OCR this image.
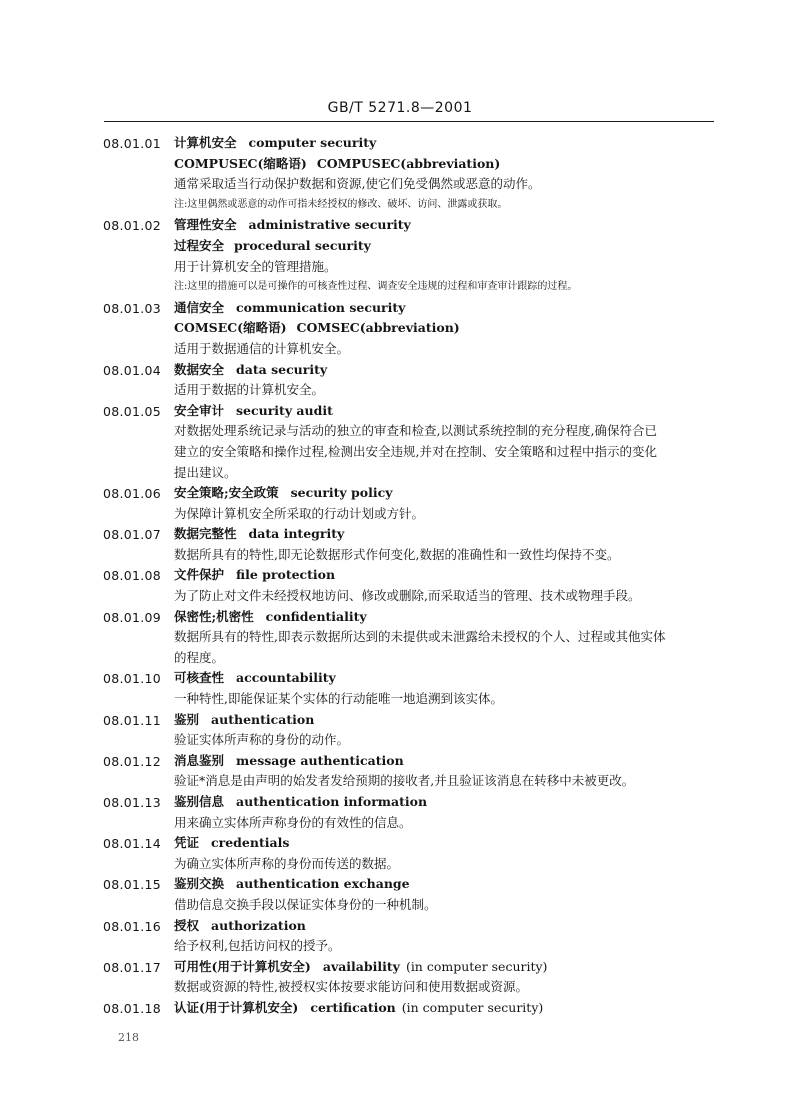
GB/T 5271.8—2001
08.01.01 计算机安全 computer security
COMPUSEC(缩略语) COMPUSEC(abbreviation)
通常采取适当行动保护数据和资源,使它们免受偶然或恶意的动作。
注:这里偶然或恶意的动作可指未经授权的修改、破坏、访问、泄露或获取。
08.01.02 管理性安全 administrative security
过程安全 procedural security
用于计算机安全的管理措施。
注:这里的措施可以是可操作的可核查性过程、调查安全违规的过程和审查审计跟踪的过程。
08.01.03 通信安全 communication security
COMSEC(缩略语) COMSEC(abbreviation)
适用于数据通信的计算机安全。
08.01.04 数据安全 data security
适用于数据的计算机安全。
08.01.05 安全审计 security audit
对数据处理系统记录与活动的独立的审查和检查,以测试系统控制的充分程度,确保符合已
建立的安全策略和操作过程,检测出安全违规,并对在控制、安全策略和过程中指示的变化
提出建议。
08.01.06 安全策略;安全政策 security policy
为保障计算机安全所采取的行动计划或方针。
08.01.07 数据完整性 data integrity
数据所具有的特性,即无论数据形式作何变化,数据的准确性和一致性均保持不变。
08.01.08 文件保护 file protection
为了防止对文件未经授权地访问、修改或删除,而采取适当的管理、技术或物理手段。
08.01.09 保密性;机密性 confidentiality
数据所具有的特性,即表示数据所达到的未提供或未泄露给未授权的个人、过程或其他实体
的程度。
08.01.10 可核查性 accountability
一种特性,即能保证某个实体的行动能唯一地追溯到该实体。
08.01.11 鉴别 authentication
验证实体所声称的身份的动作。
08.01.12 消息鉴别 message authentication
验证*消息是由声明的始发者发给预期的接收者,并且验证该消息在转移中未被更改。
08.01.13 鉴别信息 authentication information
用来确立实体所声称身份的有效性的信息。
08.01.14 凭证 credentials
为确立实体所声称的身份而传送的数据。
08.01.15 鉴别交换 authentication exchange
借助信息交换手段以保证实体身份的一种机制。
08.01.16 授权 authorization
给予权利,包括访问权的授予。
08.01.17 可用性(用于计算机安全) availability (in computer security)
数据或资源的特性,被授权实体按要求能访问和使用数据或资源。
08.01.18 认证(用于计算机安全) certification (in computer security)
218
